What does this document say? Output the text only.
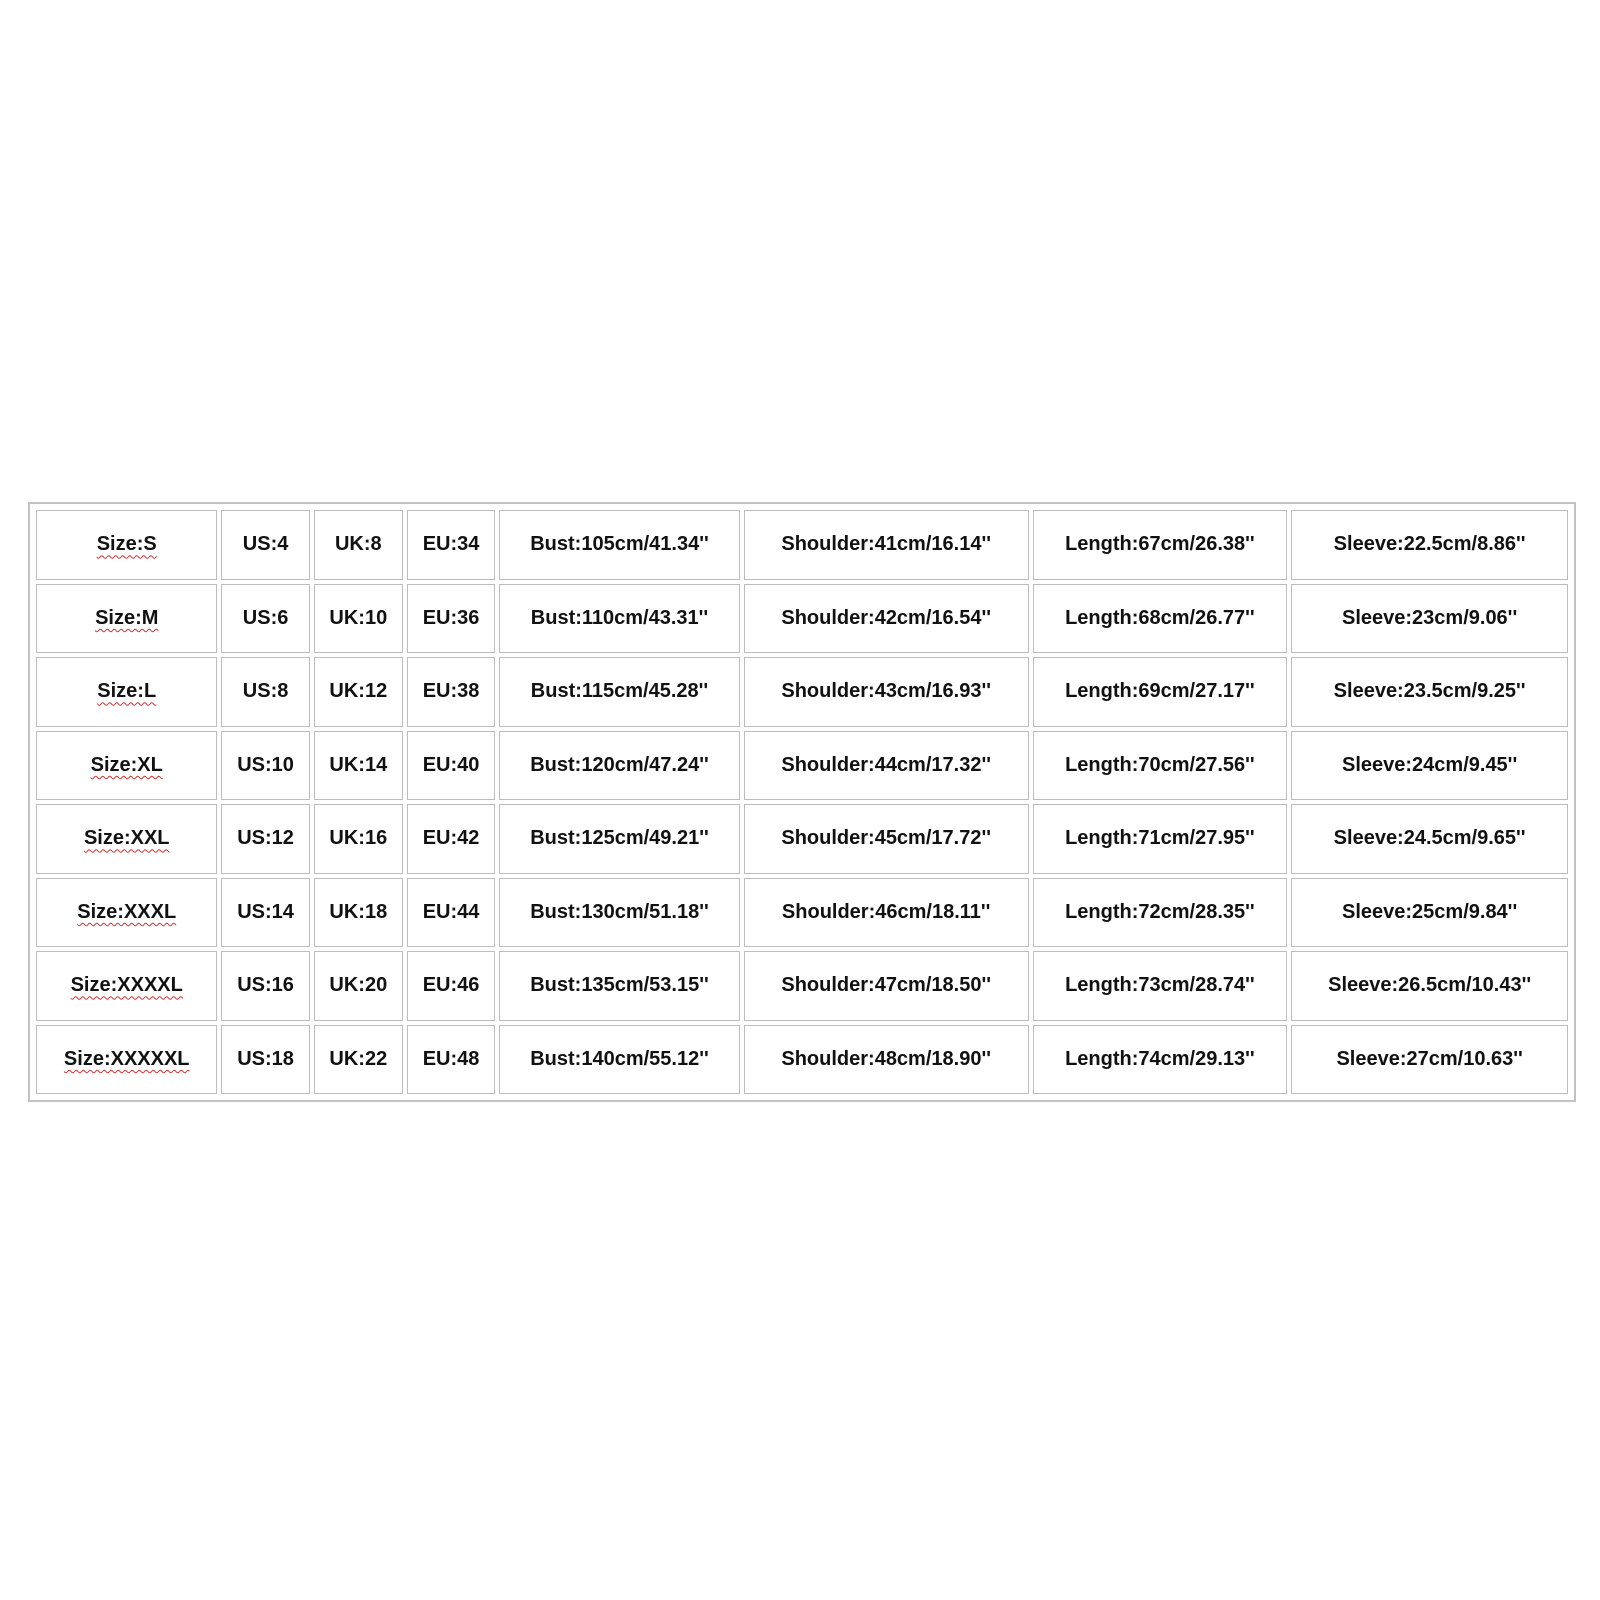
Size:S	US:4	UK:8	EU:34	Bust:105cm/41.34''	Shoulder:41cm/16.14''	Length:67cm/26.38''	Sleeve:22.5cm/8.86''
Size:M	US:6	UK:10	EU:36	Bust:110cm/43.31''	Shoulder:42cm/16.54''	Length:68cm/26.77''	Sleeve:23cm/9.06''
Size:L	US:8	UK:12	EU:38	Bust:115cm/45.28''	Shoulder:43cm/16.93''	Length:69cm/27.17''	Sleeve:23.5cm/9.25''
Size:XL	US:10	UK:14	EU:40	Bust:120cm/47.24''	Shoulder:44cm/17.32''	Length:70cm/27.56''	Sleeve:24cm/9.45''
Size:XXL	US:12	UK:16	EU:42	Bust:125cm/49.21''	Shoulder:45cm/17.72''	Length:71cm/27.95''	Sleeve:24.5cm/9.65''
Size:XXXL	US:14	UK:18	EU:44	Bust:130cm/51.18''	Shoulder:46cm/18.11''	Length:72cm/28.35''	Sleeve:25cm/9.84''
Size:XXXXL	US:16	UK:20	EU:46	Bust:135cm/53.15''	Shoulder:47cm/18.50''	Length:73cm/28.74''	Sleeve:26.5cm/10.43''
Size:XXXXXL	US:18	UK:22	EU:48	Bust:140cm/55.12''	Shoulder:48cm/18.90''	Length:74cm/29.13''	Sleeve:27cm/10.63''
